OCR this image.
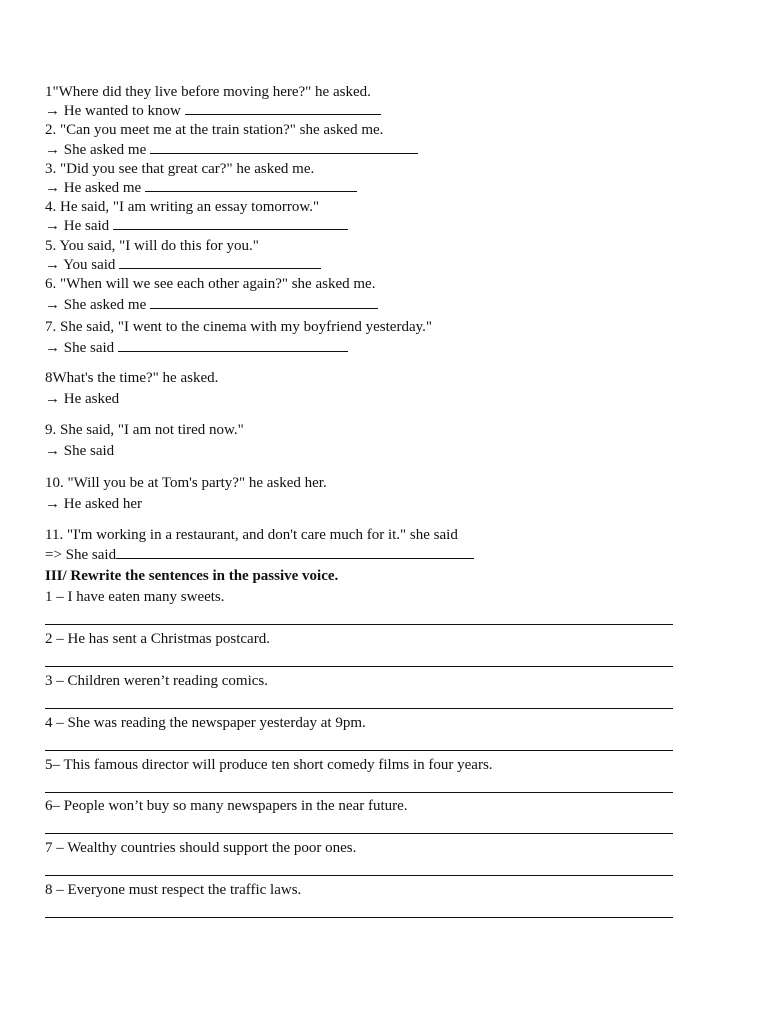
1"Where did they live before moving here?" he asked.
→ He wanted to know
2. "Can you meet me at the train station?" she asked me.
→ She asked me
3. "Did you see that great car?" he asked me.
→ He asked me
4. He said, "I am writing an essay tomorrow."
→ He said
5. You said, "I will do this for you."
→ You said
6. "When will we see each other again?" she asked me.
→ She asked me
7. She said, "I went to the cinema with my boyfriend yesterday."
→ She said
8What's the time?" he asked.
→ He asked
9. She said, "I am not tired now."
→ She said
10. "Will you be at Tom's party?" he asked her.
→ He asked her
11. "I'm working in a restaurant, and don't care much for it." she said
=> She said
III/ Rewrite the sentences in the passive voice.
1 – I have eaten many sweets.
2 – He has sent a Christmas postcard.
3 – Children weren’t reading comics.
4 – She was reading the newspaper yesterday at 9pm.
5– This famous director will produce ten short comedy films in four years.
6– People won’t buy so many newspapers in the near future.
7 – Wealthy countries should support the poor ones.
8 – Everyone must respect the traffic laws.
